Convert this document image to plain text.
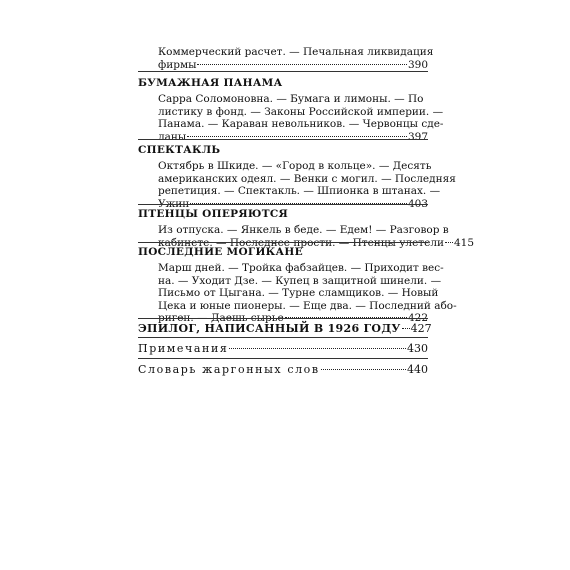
Коммерческий расчет. — Печальная ликвидация
фирмы	390
БУМАЖНАЯ ПАНАМА
Сарра Соломоновна. — Бумага и лимоны. — По
листику в фонд. — Законы Российской империи. —
Панама. — Караван невольников. — Червонцы сде-
ланы	397
СПЕКТАКЛЬ
Октябрь в Шкиде. — «Город в кольце». — Десять
американских одеял. — Венки с могил. — Последняя
репетиция. — Спектакль. — Шпионка в штанах. —
Ужин	403
ПТЕНЦЫ ОПЕРЯЮТСЯ
Из отпуска. — Янкель в беде. — Едем! — Разговор в
кабинете. — Последнее прости. — Птенцы улетели 415
ПОСЛЕДНИЕ МОГИКАНЕ
Марш дней. — Тройка фабзайцев. — Приходит вес-
на. — Уходит Дзе. — Купец в защитной шинели. —
Письмо от Цыгана. — Турне сламщиков. — Новый
Цека и юные пионеры. — Еще два. — Последний або-
риген. — Даешь сырье	422
ЭПИЛОГ, НАПИСАННЫЙ В 1926 ГОДУ 427
Примечания	430
Словарь жаргонных слов	440
